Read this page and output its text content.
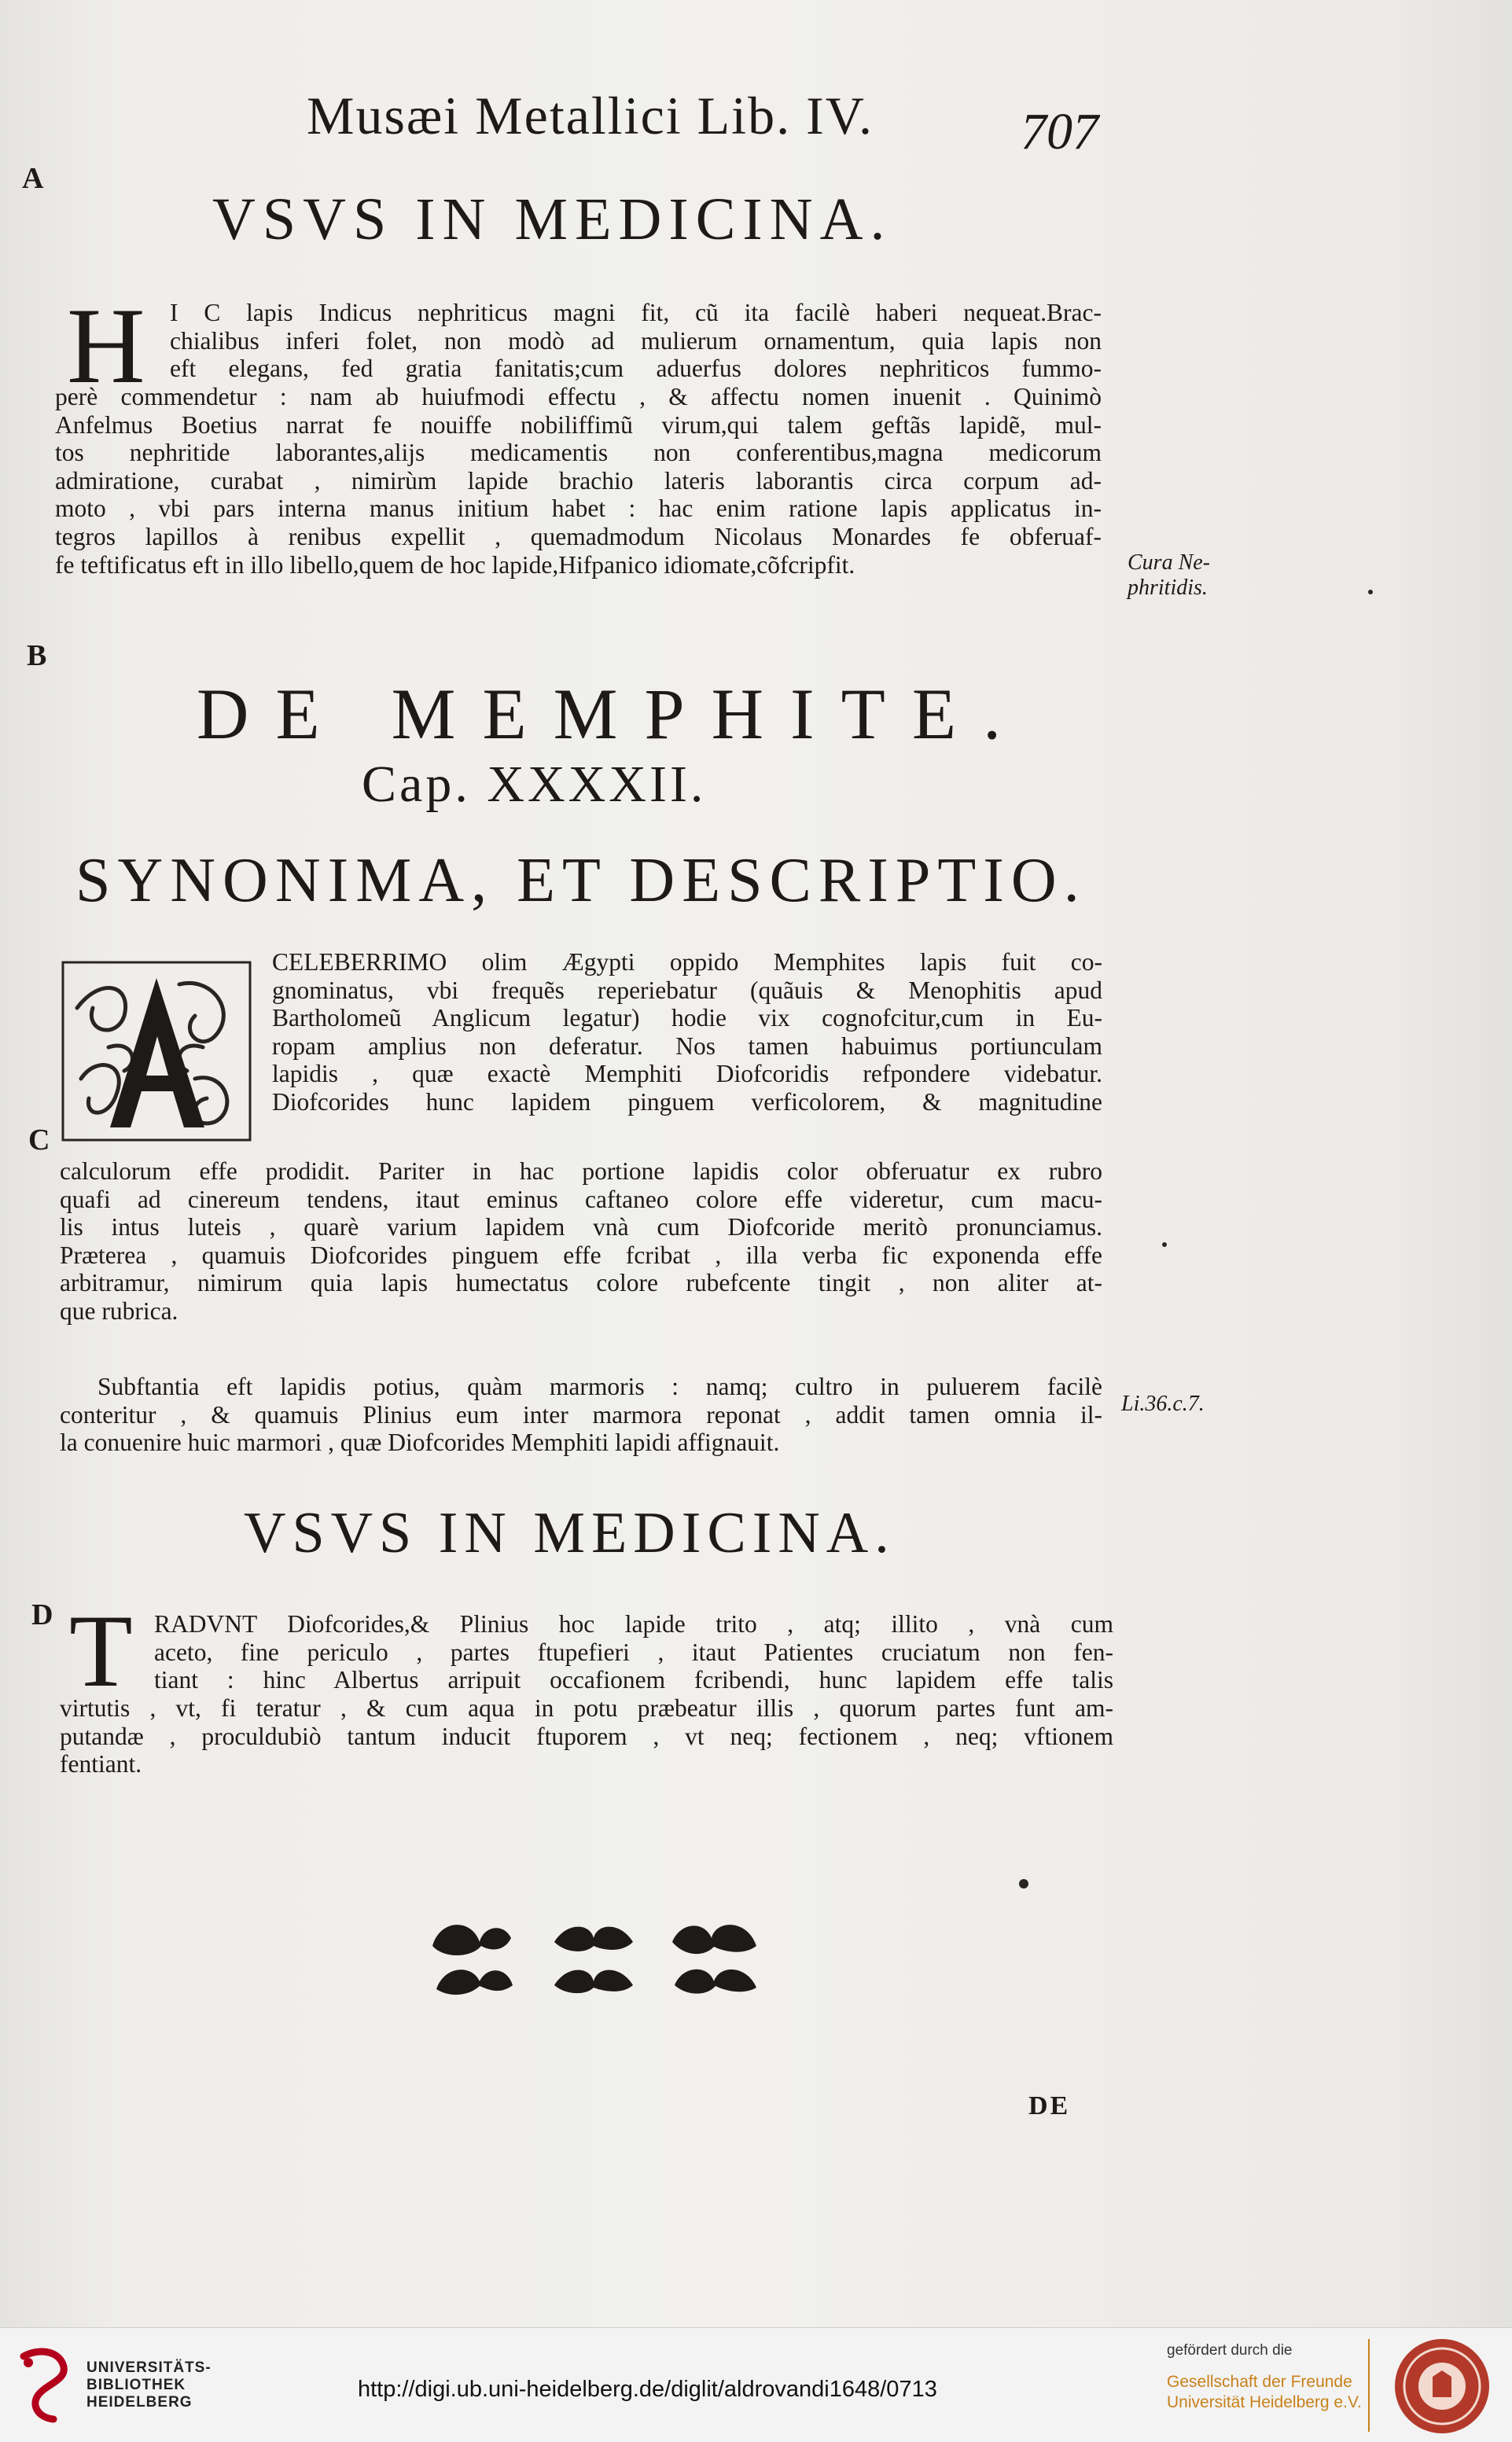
Musæi Metallici Lib. IV.	707
A
B
C
D
VSVS IN MEDICINA.
H I C lapis Indicus nephriticus magni fit, cũ ita facilè haberi nequeat.Brac-
chialibus inferi folet, non modò ad mulierum ornamentum, quia lapis non
eft elegans, fed gratia fanitatis;cum aduerfus dolores nephriticos fummo-
perè commendetur : nam ab huiufmodi effectu , & affectu nomen inuenit . Quinimò
Anfelmus Boetius narrat fe nouiffe nobiliffimũ virum,qui talem geftãs lapidẽ, mul-
tos nephritide laborantes,alijs medicamentis non conferentibus,magna medicorum
admiratione, curabat , nimirùm lapide brachio lateris laborantis circa corpum ad-
moto , vbi pars interna manus initium habet : hac enim ratione lapis applicatus in-
tegros lapillos à renibus expellit , quemadmodum Nicolaus Monardes fe obferuaf-
fe teftificatus eft in illo libello,quem de hoc lapide,Hifpanico idiomate,cõfcripfit.	Cura Ne-
phritidis.
DE MEMPHITE.
Cap. XXXXII.
SYNONIMA, ET DESCRIPTIO.
CELEBERRIMO olim Ægypti oppido Memphites lapis fuit co-
gnominatus, vbi frequẽs reperiebatur (quãuis & Menophitis apud
Bartholomeũ Anglicum legatur) hodie vix cognofcitur,cum in Eu-
ropam amplius non deferatur. Nos tamen habuimus portiunculam
lapidis , quæ exactè Memphiti Diofcoridis refpondere videbatur.
Diofcorides hunc lapidem pinguem verficolorem, & magnitudine
calculorum effe prodidit. Pariter in hac portione lapidis color obferuatur ex rubro
quafi ad cinereum tendens, itaut eminus caftaneo colore effe videretur, cum macu-
lis intus luteis , quarè varium lapidem vnà cum Diofcoride meritò pronunciamus.
Præterea , quamuis Diofcorides pinguem effe fcribat , illa verba fic exponenda effe
arbitramur, nimirum quia lapis humectatus colore rubefcente tingit , non aliter at-
que rubrica.
Subftantia eft lapidis potius, quàm marmoris : namq; cultro in puluerem facilè
conteritur , & quamuis Plinius eum inter marmora reponat , addit tamen omnia il-
la conuenire huic marmori , quæ Diofcorides Memphiti lapidi affignauit.
Li.36.c.7.
VSVS IN MEDICINA.
T RADVNT Diofcorides,& Plinius hoc lapide trito , atq; illito , vnà cum
aceto, fine periculo , partes ftupefieri , itaut Patientes cruciatum non fen-
tiant : hinc Albertus arripuit occafionem fcribendi, hunc lapidem effe talis
virtutis , vt, fi teratur , & cum aqua in potu præbeatur illis , quorum partes funt am-
putandæ , proculdubiò tantum inducit ftuporem , vt neq; fectionem , neq; vftionem
fentiant.
DE
UNIVERSITÄTS-
BIBLIOTHEK
HEIDELBERG
http://digi.ub.uni-heidelberg.de/diglit/aldrovandi1648/0713
gefördert durch die
Gesellschaft der Freunde
Universität Heidelberg e.V.
